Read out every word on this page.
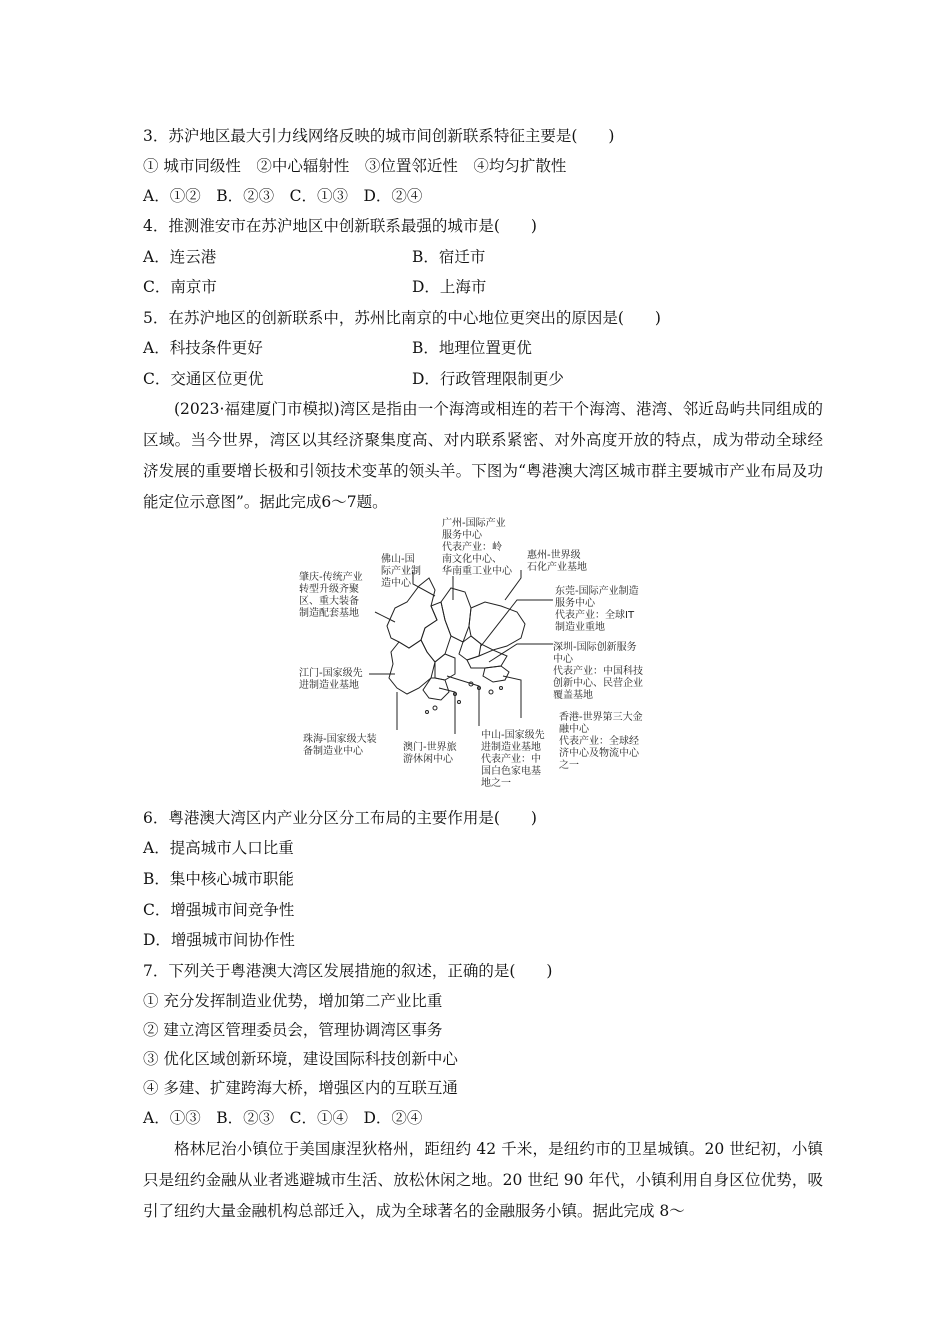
3．苏沪地区最大引力线网络反映的城市间创新联系特征主要是(　　)
① 城市同级性　②中心辐射性　③位置邻近性　④均匀扩散性
A．①②　B．②③　C．①③　D．②④
4．推测淮安市在苏沪地区中创新联系最强的城市是(　　)
A．连云港	B．宿迁市
C．南京市	D．上海市
5．在苏沪地区的创新联系中，苏州比南京的中心地位更突出的原因是(　　)
A．科技条件更好	B．地理位置更优
C．交通区位更优	D．行政管理限制更少
(2023·福建厦门市模拟)湾区是指由一个海湾或相连的若干个海湾、港湾、邻近岛屿共同组成的区域。当今世界，湾区以其经济聚集度高、对内联系紧密、对外高度开放的特点，成为带动全球经济发展的重要增长极和引领技术变革的领头羊。下图为“粤港澳大湾区城市群主要城市产业布局及功能定位示意图”。据此完成6～7题。
广州-国际产业
服务中心
代表产业：岭
南文化中心、
华南重工业中心
佛山-国
际产业制
造中心
惠州-世界级
石化产业基地
肇庆-传统产业
转型升级齐聚
区、重大装备
制造配套基地
东莞-国际产业制造
服务中心
代表产业：全球IT
制造业重地
深圳-国际创新服务
中心
代表产业：中国科技
创新中心、民营企业
覆盖基地
江门-国家级先
进制造业基地
香港-世界第三大金
融中心
代表产业：全球经
济中心及物流中心
之一
珠海-国家级大装
备制造业中心	澳门-世界旅
游休闲中心
中山-国家级先
进制造业基地
代表产业：中
国白色家电基
地之一
6．粤港澳大湾区内产业分区分工布局的主要作用是(　　)
A．提高城市人口比重
B．集中核心城市职能
C．增强城市间竞争性
D．增强城市间协作性
7．下列关于粤港澳大湾区发展措施的叙述，正确的是(　　)
① 充分发挥制造业优势，增加第二产业比重
② 建立湾区管理委员会，管理协调湾区事务
③ 优化区域创新环境，建设国际科技创新中心
④ 多建、扩建跨海大桥，增强区内的互联互通
A．①③　B．②③　C．①④　D．②④
格林尼治小镇位于美国康涅狄格州，距纽约 42 千米，是纽约市的卫星城镇。20 世纪初，小镇只是纽约金融从业者逃避城市生活、放松休闲之地。20 世纪 90 年代，小镇利用自身区位优势，吸引了纽约大量金融机构总部迁入，成为全球著名的金融服务小镇。据此完成 8～
